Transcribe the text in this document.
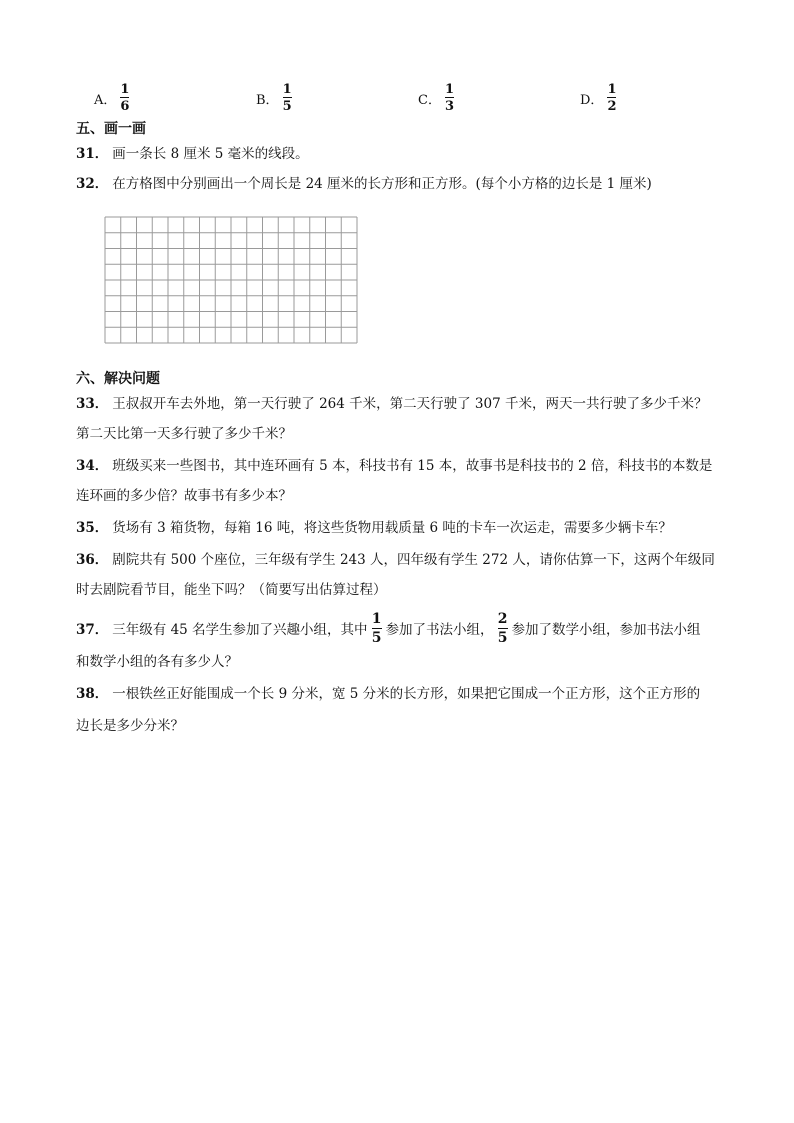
A． $\frac{1}{6}$	B． $\frac{1}{5}$	C． $\frac{1}{3}$	D． $\frac{1}{2}$
五、画一画
31． 画一条长 8 厘米 5 毫米的线段。
32． 在方格图中分别画出一个周长是 24 厘米的长方形和正方形。(每个小方格的边长是 1 厘米)
六、解决问题
33． 王叔叔开车去外地，第一天行驶了 264 千米，第二天行驶了 307 千米，两天一共行驶了多少千米？
第二天比第一天多行驶了多少千米？
34． 班级买来一些图书，其中连环画有 5 本，科技书有 15 本，故事书是科技书的 2 倍，科技书的本数是
连环画的多少倍？故事书有多少本？
35． 货场有 3 箱货物，每箱 16 吨，将这些货物用载质量 6 吨的卡车一次运走，需要多少辆卡车？
36． 剧院共有 500 个座位，三年级有学生 243 人，四年级有学生 272 人，请你估算一下，这两个年级同
时去剧院看节目，能坐下吗？（简要写出估算过程）
37． 三年级有 45 名学生参加了兴趣小组，其中 $\frac{1}{5}$ 参加了书法小组， $\frac{2}{5}$ 参加了数学小组，参加书法小组
和数学小组的各有多少人？
38． 一根铁丝正好能围成一个长 9 分米，宽 5 分米的长方形，如果把它围成一个正方形，这个正方形的
边长是多少分米？
